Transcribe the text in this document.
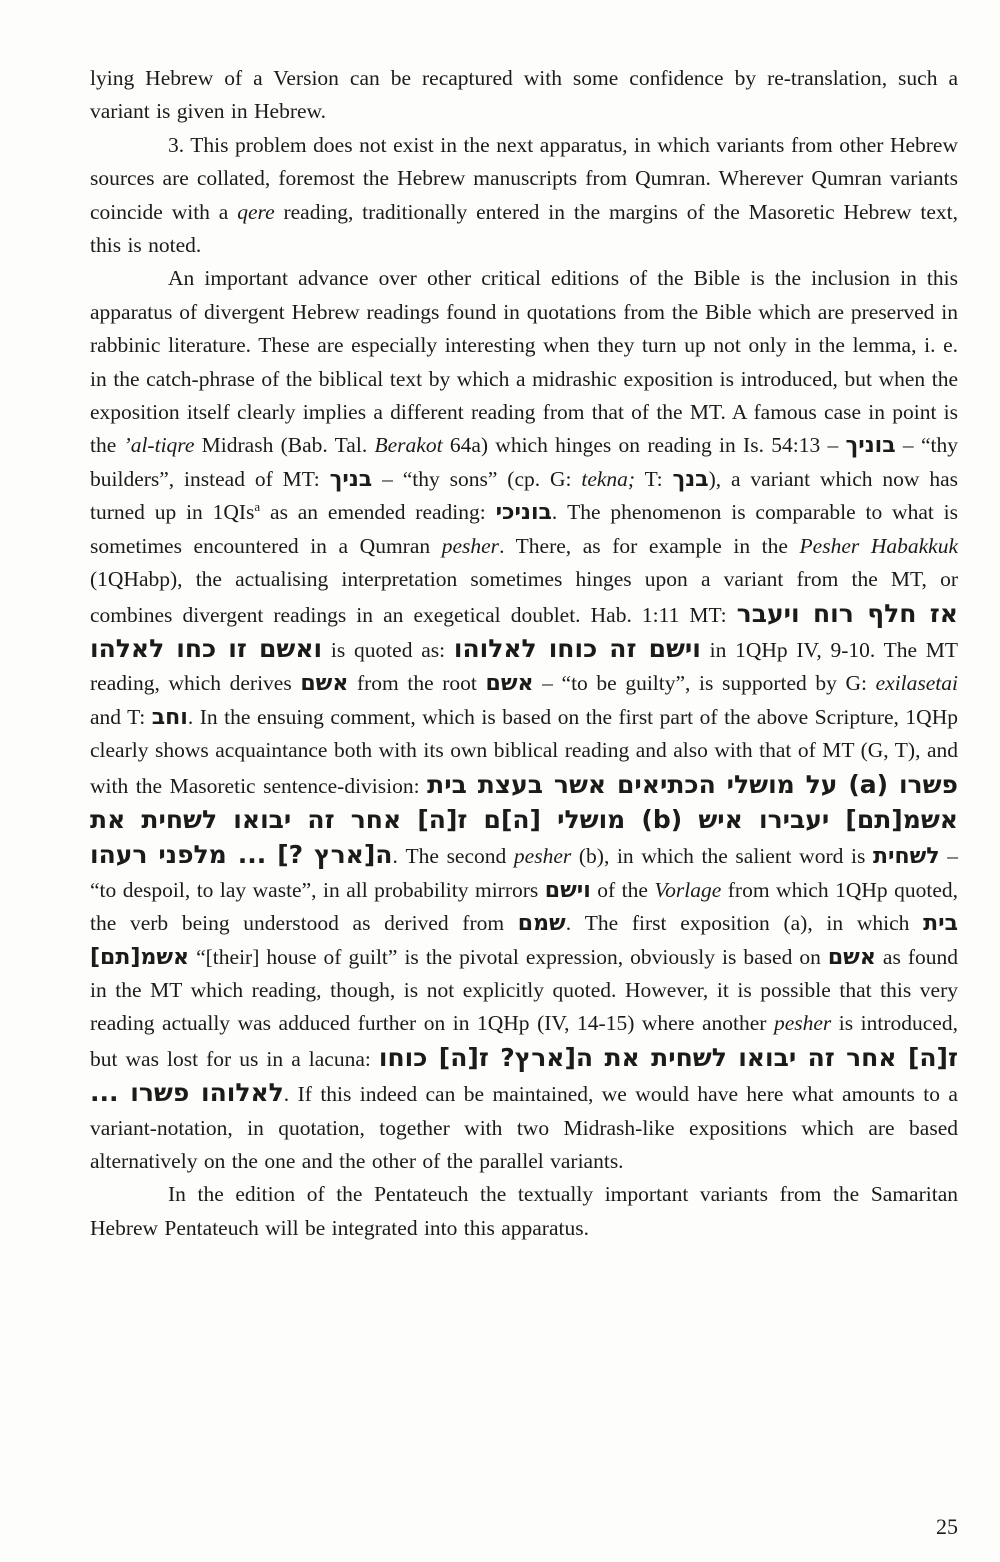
lying Hebrew of a Version can be recaptured with some confidence by re-translation, such a variant is given in Hebrew.

3. This problem does not exist in the next apparatus, in which variants from other Hebrew sources are collated, foremost the Hebrew manuscripts from Qumran. Wherever Qumran variants coincide with a qere reading, traditionally entered in the margins of the Masoretic Hebrew text, this is noted.

An important advance over other critical editions of the Bible is the inclusion in this apparatus of divergent Hebrew readings found in quotations from the Bible which are preserved in rabbinic literature. These are especially interesting when they turn up not only in the lemma, i. e. in the catch-phrase of the biblical text by which a midrashic exposition is introduced, but when the exposition itself clearly implies a different reading from that of the MT. A famous case in point is the ’al-tiqre Midrash (Bab. Tal. Berakot 64a) which hinges on reading in Is. 54:13 – בוניך – “thy builders”, instead of MT: בניך – “thy sons” (cp. G: tekna; T: בנך), a variant which now has turned up in 1QIs$^a$ as an emended reading: בוניכי. The phenomenon is comparable to what is sometimes encountered in a Qumran pesher. There, as for example in the Pesher Habakkuk (1QHabp), the actualising interpretation sometimes hinges upon a variant from the MT, or combines divergent readings in an exegetical doublet. Hab. 1:11 MT: אז חלף רוח ויעבר ואשם זו כחו לאלהו is quoted as: וישם זה כוחו לאלוהו in 1QHp IV, 9-10. The MT reading, which derives אשם from the root אשם – “to be guilty”, is supported by G: exilasetai and T: וחב. In the ensuing comment, which is based on the first part of the above Scripture, 1QHp clearly shows acquaintance both with its own biblical reading and also with that of MT (G, T), and with the Masoretic sentence-division: פשרו (a) על מושלי הכתיאים אשר בעצת בית אשמ[תם] יעבירו איש (b) מושלי [ה]ם ז[ה] אחר זה יבואו לשחית את ה[ארץ ?] ... מלפני רעהו. The second pesher (b), in which the salient word is לשחית – “to despoil, to lay waste”, in all probability mirrors וישם of the Vorlage from which 1QHp quoted, the verb being understood as derived from שמם. The first exposition (a), in which בית אשמ[תם] “[their] house of guilt” is the pivotal expression, obviously is based on אשם as found in the MT which reading, though, is not explicitly quoted. However, it is possible that this very reading actually was adduced further on in 1QHp (IV, 14-15) where another pesher is introduced, but was lost for us in a lacuna: ז[ה] אחר זה יבואו לשחית את ה[ארץ? ז[ה] כוחו לאלוהו פשרו .... If this indeed can be maintained, we would have here what amounts to a variant-notation, in quotation, together with two Midrash-like expositions which are based alternatively on the one and the other of the parallel variants.

In the edition of the Pentateuch the textually important variants from the Samaritan Hebrew Pentateuch will be integrated into this apparatus.

25
